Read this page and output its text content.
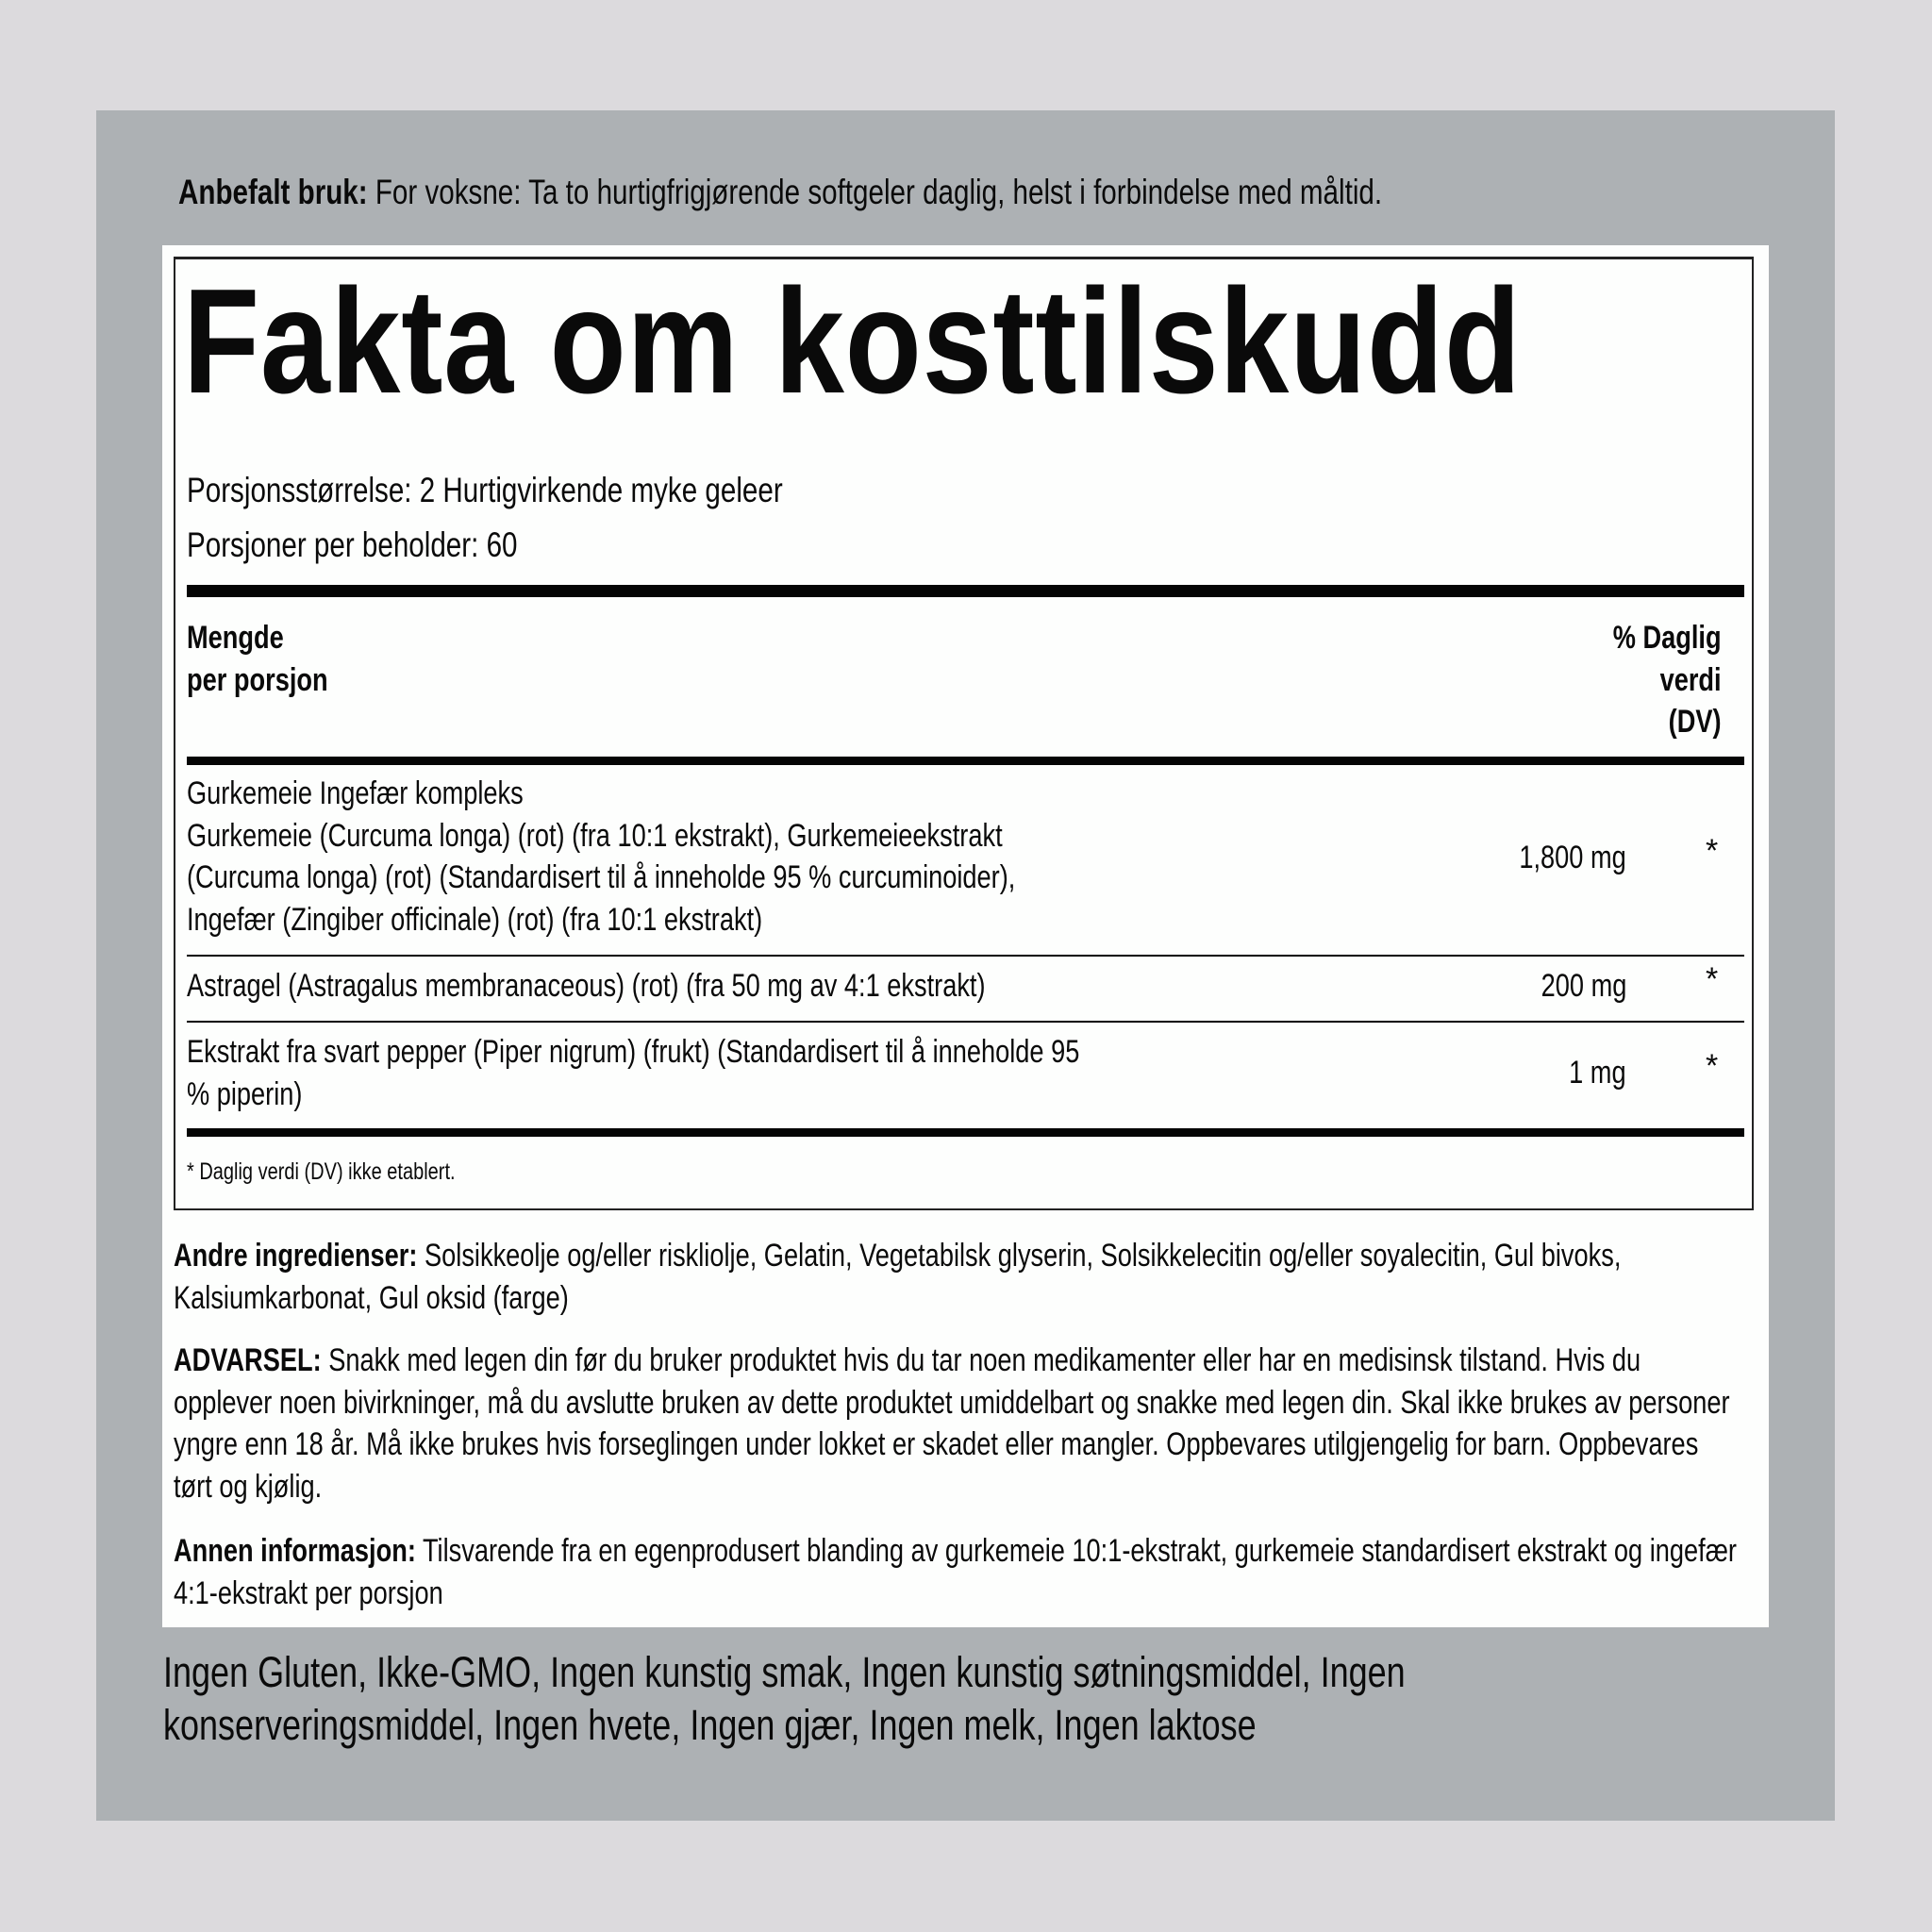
Anbefalt bruk: For voksne: Ta to hurtigfrigjørende softgeler daglig, helst i forbindelse med måltid.
Fakta om kosttilskudd
Porsjonsstørrelse: 2 Hurtigvirkende myke geleer
Porsjoner per beholder: 60
Mengde
per porsjon
% Daglig
verdi
(DV)
Gurkemeie Ingefær kompleks
Gurkemeie (Curcuma longa) (rot) (fra 10:1 ekstrakt), Gurkemeieekstrakt
(Curcuma longa) (rot) (Standardisert til å inneholde 95 % curcuminoider),
Ingefær (Zingiber officinale) (rot) (fra 10:1 ekstrakt)
1,800 mg *
Astragel (Astragalus membranaceous) (rot) (fra 50 mg av 4:1 ekstrakt)	200 mg *
Ekstrakt fra svart pepper (Piper nigrum) (frukt) (Standardisert til å inneholde 95
% piperin)
1 mg *
* Daglig verdi (DV) ikke etablert.
Andre ingredienser: Solsikkeolje og/eller riskliolje, Gelatin, Vegetabilsk glyserin, Solsikkelecitin og/eller soyalecitin, Gul bivoks, Kalsiumkarbonat, Gul oksid (farge)
ADVARSEL: Snakk med legen din før du bruker produktet hvis du tar noen medikamenter eller har en medisinsk tilstand. Hvis du opplever noen bivirkninger, må du avslutte bruken av dette produktet umiddelbart og snakke med legen din. Skal ikke brukes av personer yngre enn 18 år. Må ikke brukes hvis forseglingen under lokket er skadet eller mangler. Oppbevares utilgjengelig for barn. Oppbevares tørt og kjølig.
Annen informasjon: Tilsvarende fra en egenprodusert blanding av gurkemeie 10:1-ekstrakt, gurkemeie standardisert ekstrakt og ingefær 4:1-ekstrakt per porsjon
Ingen Gluten, Ikke-GMO, Ingen kunstig smak, Ingen kunstig søtningsmiddel, Ingen
konserveringsmiddel, Ingen hvete, Ingen gjær, Ingen melk, Ingen laktose
